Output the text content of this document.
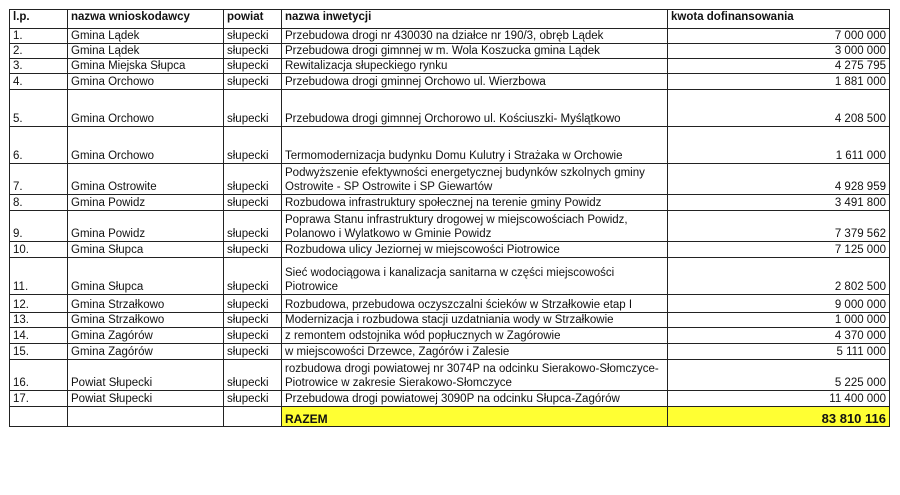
l.p.	nazwa wnioskodawcy	powiat	nazwa inwetycji	kwota dofinansowania
1.	Gmina Lądek	słupecki	Przebudowa drogi nr 430030 na działce nr 190/3, obręb Lądek	7 000 000
2.	Gmina Lądek	słupecki	Przebudowa drogi gimnnej w m. Wola Koszucka gmina Lądek	3 000 000
3.	Gmina Miejska Słupca	słupecki	Rewitalizacja słupeckiego rynku	4 275 795
4.	Gmina Orchowo	słupecki	Przebudowa drogi gminnej Orchowo ul. Wierzbowa	1 881 000
5.	Gmina Orchowo	słupecki	Przebudowa drogi gimnnej Orchorowo ul. Kościuszki- Myślątkowo	4 208 500
6.	Gmina Orchowo	słupecki	Termomodernizacja budynku Domu Kulutry i Strażaka w Orchowie	1 611 000
7.	Gmina Ostrowite	słupecki	Podwyższenie efektywności energetycznej budynków szkolnych gminy Ostrowite - SP Ostrowite i SP Giewartów	4 928 959
8.	Gmina Powidz	słupecki	Rozbudowa infrastruktury społecznej na terenie gminy Powidz	3 491 800
9.	Gmina Powidz	słupecki	Poprawa Stanu infrastruktury drogowej w miejscowościach Powidz, Polanowo i Wylatkowo w Gminie Powidz	7 379 562
10.	Gmina Słupca	słupecki	Rozbudowa ulicy Jeziornej w miejscowości Piotrowice	7 125 000
11.	Gmina Słupca	słupecki	Sieć wodociągowa i kanalizacja sanitarna w części miejscowości Piotrowice	2 802 500
12.	Gmina Strzałkowo	słupecki	Rozbudowa, przebudowa oczyszczalni ścieków w Strzałkowie etap I	9 000 000
13.	Gmina Strzałkowo	słupecki	Modernizacja i rozbudowa stacji uzdatniania wody w Strzałkowie	1 000 000
14.	Gmina Zagórów	słupecki	z remontem odstojnika wód popłucznych w Zagórowie	4 370 000
15.	Gmina Zagórów	słupecki	w miejscowości Drzewce, Zagórów i Zalesie	5 111 000
16.	Powiat Słupecki	słupecki	rozbudowa drogi powiatowej nr 3074P na odcinku Sierakowo-Słomczyce-Piotrowice w zakresie Sierakowo-Słomczyce	5 225 000
17.	Powiat Słupecki	słupecki	Przebudowa drogi powiatowej 3090P na odcinku Słupca-Zagórów	11 400 000
			RAZEM	83 810 116
